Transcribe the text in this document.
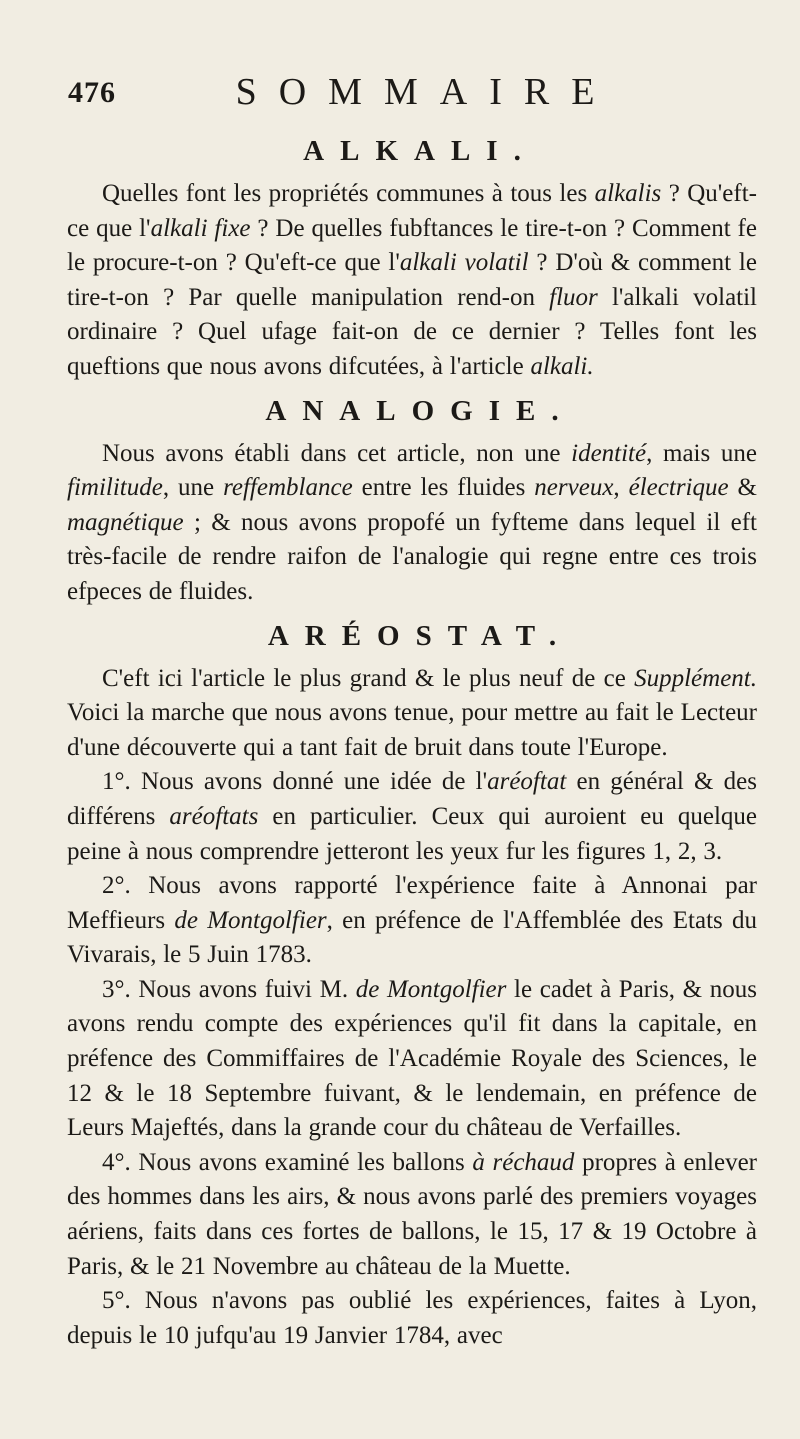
476	SOMMAIRE
ALKALI.

Quelles font les propriétés communes à tous les alkalis ? Qu'eft-ce que l'alkali fixe ? De quelles fubftances le tire-t-on ? Comment fe le procure-t-on ? Qu'eft-ce que l'alkali volatil ? D'où & comment le tire-t-on ? Par quelle manipulation rend-on fluor l'alkali volatil ordinaire ? Quel ufage fait-on de ce dernier ? Telles font les queftions que nous avons difcutées, à l'article alkali.

ANALOGIE.

Nous avons établi dans cet article, non une identité, mais une fimilitude, une reffemblance entre les fluides nerveux, électrique & magnétique ; & nous avons propofé un fyfteme dans lequel il eft très-facile de rendre raifon de l'analogie qui regne entre ces trois efpeces de fluides.

ARÉOSTAT.

C'eft ici l'article le plus grand & le plus neuf de ce Supplément. Voici la marche que nous avons tenue, pour mettre au fait le Lecteur d'une découverte qui a tant fait de bruit dans toute l'Europe.

1°. Nous avons donné une idée de l'aréoftat en général & des différens aréoftats en particulier. Ceux qui auroient eu quelque peine à nous comprendre jetteront les yeux fur les figures 1, 2, 3.

2°. Nous avons rapporté l'expérience faite à Annonai par Meffieurs de Montgolfier, en préfence de l'Affemblée des Etats du Vivarais, le 5 Juin 1783.

3°. Nous avons fuivi M. de Montgolfier le cadet à Paris, & nous avons rendu compte des expériences qu'il fit dans la capitale, en préfence des Commiffaires de l'Académie Royale des Sciences, le 12 & le 18 Septembre fuivant, & le lendemain, en préfence de Leurs Majeftés, dans la grande cour du château de Verfailles.

4°. Nous avons examiné les ballons à réchaud propres à enlever des hommes dans les airs, & nous avons parlé des premiers voyages aériens, faits dans ces fortes de ballons, le 15, 17 & 19 Octobre à Paris, & le 21 Novembre au château de la Muette.

5°. Nous n'avons pas oublié les expériences, faites à Lyon, depuis le 10 jufqu'au 19 Janvier 1784, avec
